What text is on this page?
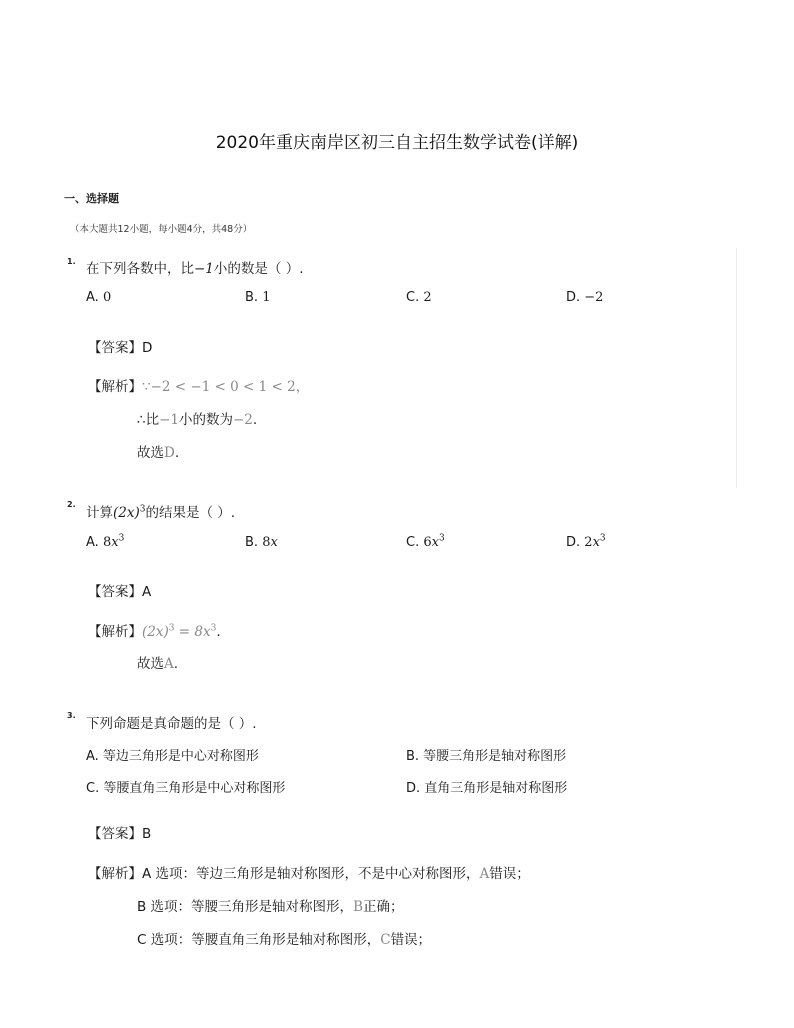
2020年重庆南岸区初三自主招生数学试卷(详解)
一、选择题
（本大题共12小题，每小题4分，共48分）
1. 在下列各数中，比−1小的数是（ ）.
A. 0	B. 1	C. 2	D. −2
【答案】D
【解析】∵−2 < −1 < 0 < 1 < 2，
∴比−1小的数为−2.
故选D.
2.
计算$(2x)^3$的结果是（ ）.
A. $8x^3$	B. 8x	C. $6x^3$	D. $2x^3$
【答案】A
【解析】$(2x)^3 = 8x^3$.
故选A.
3.
下列命题是真命题的是（ ）.
A. 等边三角形是中心对称图形	B. 等腰三角形是轴对称图形
C. 等腰直角三角形是中心对称图形	D. 直角三角形是轴对称图形
【答案】B
【解析】A 选项：等边三角形是轴对称图形，不是中心对称图形，A错误；
B 选项：等腰三角形是轴对称图形，B正确；
C 选项：等腰直角三角形是轴对称图形，C错误；
